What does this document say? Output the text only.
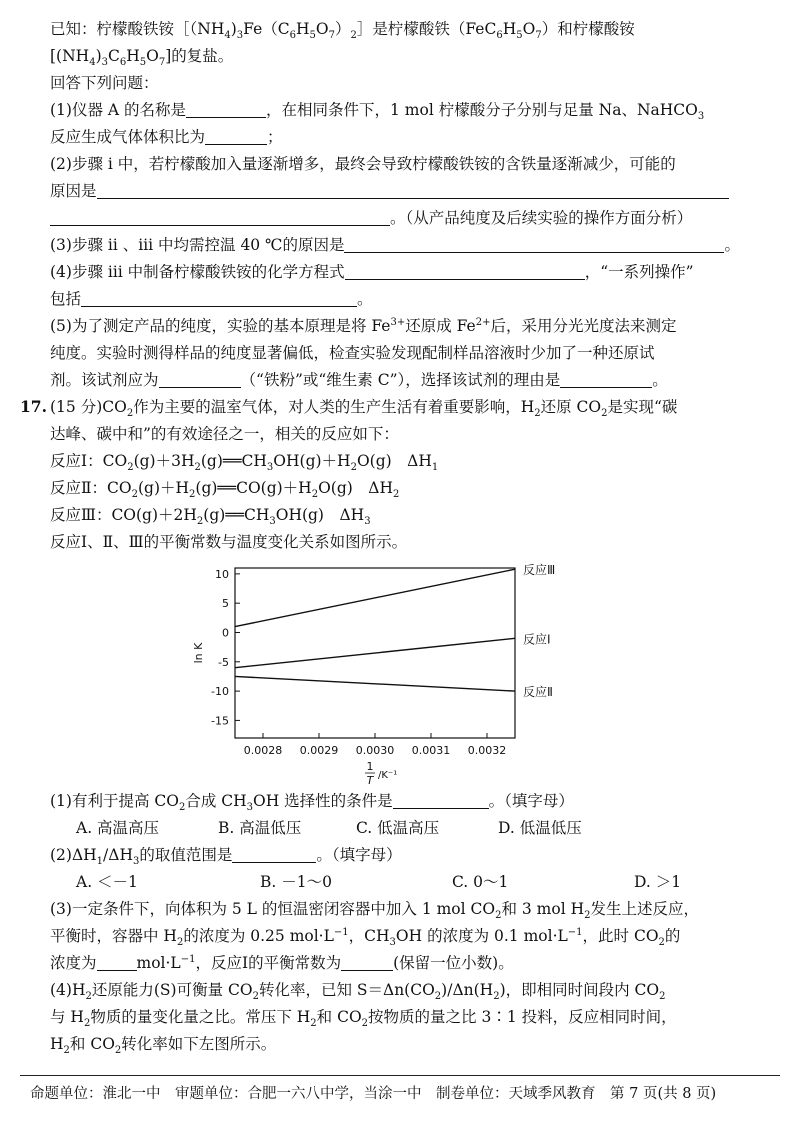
已知：柠檬酸铁铵$[(NH_4)_3Fe(C_6H_5O_7)_2]$是柠檬酸铁$(FeC_6H_5O_7)$和柠檬酸铵
$[(NH_4)_3C_6H_5O_7]$的复盐。
回答下列问题：
(1)仪器 A 的名称是	，在相同条件下，1 mol 柠檬酸分子分别与足量 Na、NaHCO$_3$
反应生成气体体积比为	；
(2)步骤 ⅰ 中，若柠檬酸加入量逐渐增多，最终会导致柠檬酸铁铵的含铁量逐渐减少，可能的
原因是
。（从产品纯度及后续实验的操作方面分析）
(3)步骤 ⅱ 、ⅲ 中均需控温 40 ℃的原因是	。
(4)步骤 ⅲ 中制备柠檬酸铁铵的化学方程式	，“一系列操作”
包括	。
(5)为了测定产品的纯度，实验的基本原理是将 $Fe^{3+}$还原成 $Fe^{2+}$后，采用分光光度法来测定
纯度。实验时测得样品的纯度显著偏低，检查实验发现配制样品溶液时少加了一种还原试
剂。该试剂应为	（“铁粉”或“维生素 C”），选择该试剂的理由是	。
17. (15 分)$CO_2$作为主要的温室气体，对人类的生产生活有着重要影响，$H_2$还原 $CO_2$是实现“碳
达峰、碳中和”的有效途径之一，相关的反应如下：
反应Ⅰ：$CO_2(g)+3H_2(g)══CH_3OH(g)+H_2O(g)$　$\Delta H_1$
反应Ⅱ：$CO_2(g)+H_2(g)══CO(g)+H_2O(g)$　$\Delta H_2$
反应Ⅲ：$CO(g)+2H_2(g)══CH_3OH(g)$　$\Delta H_3$
反应Ⅰ、Ⅱ、Ⅲ的平衡常数与温度变化关系如图所示。
10
5
0
-5
-10
-15
0.0028 0.0029 0.0030 0.0031 0.0032
反应Ⅲ
反应Ⅰ
反应Ⅱ
ln K
1
T /K⁻¹
(1)有利于提高 $CO_2$合成 $CH_3OH$ 选择性的条件是	。（填字母）
A. 高温高压	B. 高温低压	C. 低温高压	D. 低温低压
$(2)\Delta H_1/\Delta H_3$的取值范围是	。（填字母）
A. ＜－1	B. －1～0	C. 0～1	D. ＞1
(3)一定条件下，向体积为 5 L 的恒温密闭容器中加入 1 mol $CO_2$和 3 mol $H_2$发生上述反应，
平衡时，容器中 $H_2$的浓度为 0.25 $mol\cdot L^{-1}$，$CH_3OH$ 的浓度为 0.1 $mol\cdot L^{-1}$，此时 $CO_2$的
浓度为	$mol\cdot L^{-1}$，反应Ⅰ的平衡常数为	(保留一位小数)。
$(4)H_2$还原能力(S)可衡量 $CO_2$转化率，已知 $S=\Delta n(CO_2)/\Delta n(H_2)$，即相同时间段内 $CO_2$
与 $H_2$物质的量变化量之比。常压下 $H_2$和 $CO_2$按物质的量之比 3∶1 投料，反应相同时间，
$H_2$和 $CO_2$转化率如下左图所示。
命题单位：淮北一中　审题单位：合肥一六八中学，当涂一中　制卷单位：天域季风教育　第 7 页(共 8 页)
